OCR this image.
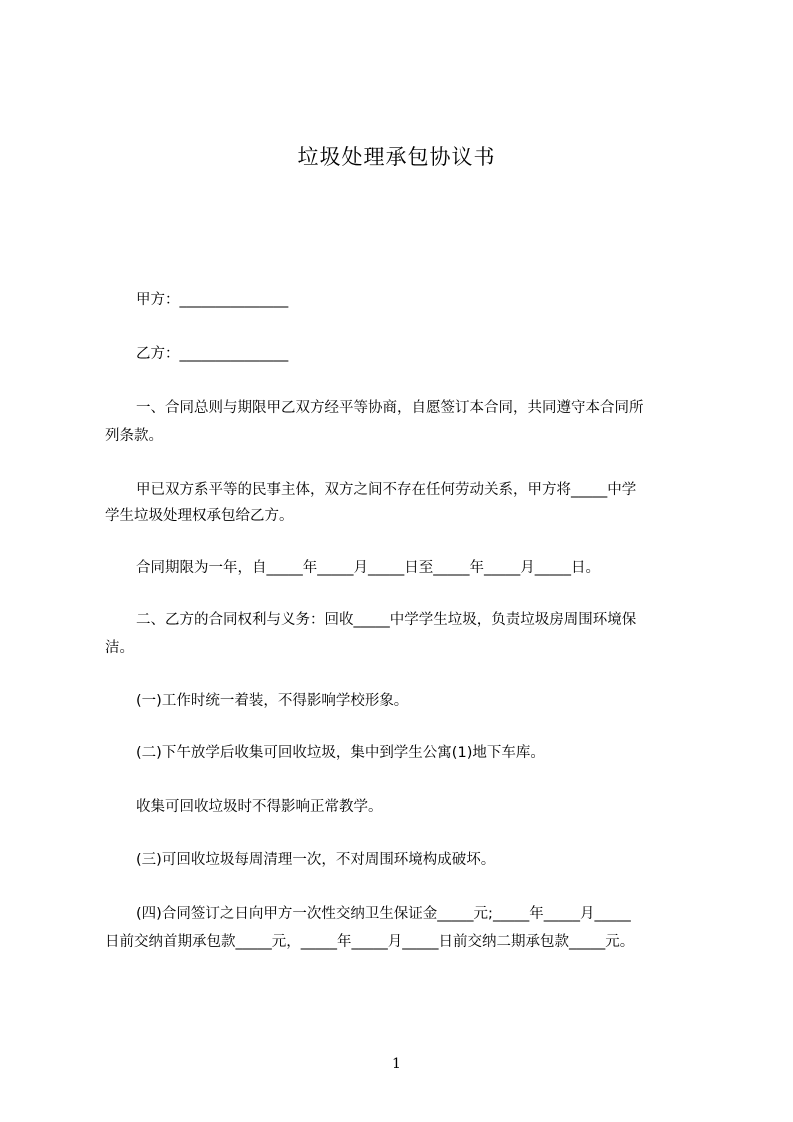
垃圾处理承包协议书
甲方：_______________
乙方：_______________
一、合同总则与期限甲乙双方经平等协商，自愿签订本合同，共同遵守本合同所
列条款。
甲已双方系平等的民事主体，双方之间不存在任何劳动关系，甲方将_____中学
学生垃圾处理权承包给乙方。
合同期限为一年，自_____年_____月_____日至_____年_____月_____日。
二、乙方的合同权利与义务：回收_____中学学生垃圾，负责垃圾房周围环境保
洁。
(一)工作时统一着装，不得影响学校形象。
(二)下午放学后收集可回收垃圾，集中到学生公寓(1)地下车库。
收集可回收垃圾时不得影响正常教学。
(三)可回收垃圾每周清理一次，不对周围环境构成破坏。
(四)合同签订之日向甲方一次性交纳卫生保证金_____元;_____年_____月_____
日前交纳首期承包款_____元，_____年_____月_____日前交纳二期承包款_____元。
1
